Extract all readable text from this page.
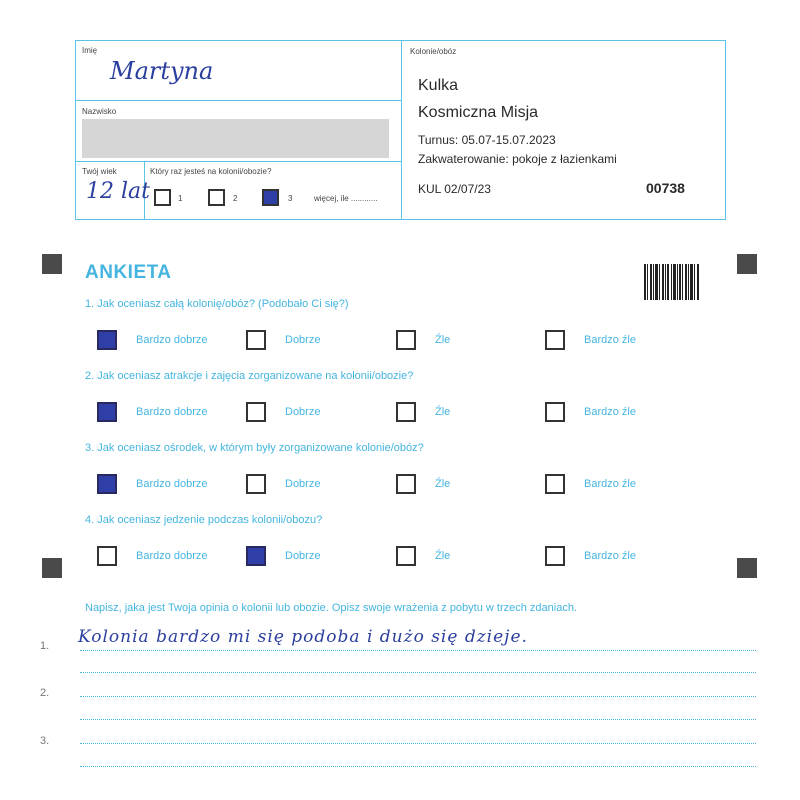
Imię
Martyna
Nazwisko
Twój wiek
12 lat
Który raz jesteś na kolonii/obozie?
1	2	3	więcej, ile ............
Kolonie/obóz
Kulka
Kosmiczna Misja
Turnus: 05.07-15.07.2023
Zakwaterowanie: pokoje z łazienkami
KUL 02/07/23	00738
ANKIETA
1. Jak oceniasz całą kolonię/obóz? (Podobało Ci się?)
Bardzo dobrze	Dobrze	Źle	Bardzo źle
2. Jak oceniasz atrakcje i zajęcia zorganizowane na kolonii/obozie?
Bardzo dobrze	Dobrze	Źle	Bardzo źle
3. Jak oceniasz ośrodek, w którym były zorganizowane kolonie/obóz?
Bardzo dobrze	Dobrze	Źle	Bardzo źle
4. Jak oceniasz jedzenie podczas kolonii/obozu?
Bardzo dobrze	Dobrze	Źle	Bardzo źle
Napisz, jaka jest Twoja opinia o kolonii lub obozie. Opisz swoje wrażenia z pobytu w trzech zdaniach.
1.
2.
3.
Kolonia bardzo mi się podoba i dużo się dzieje.
